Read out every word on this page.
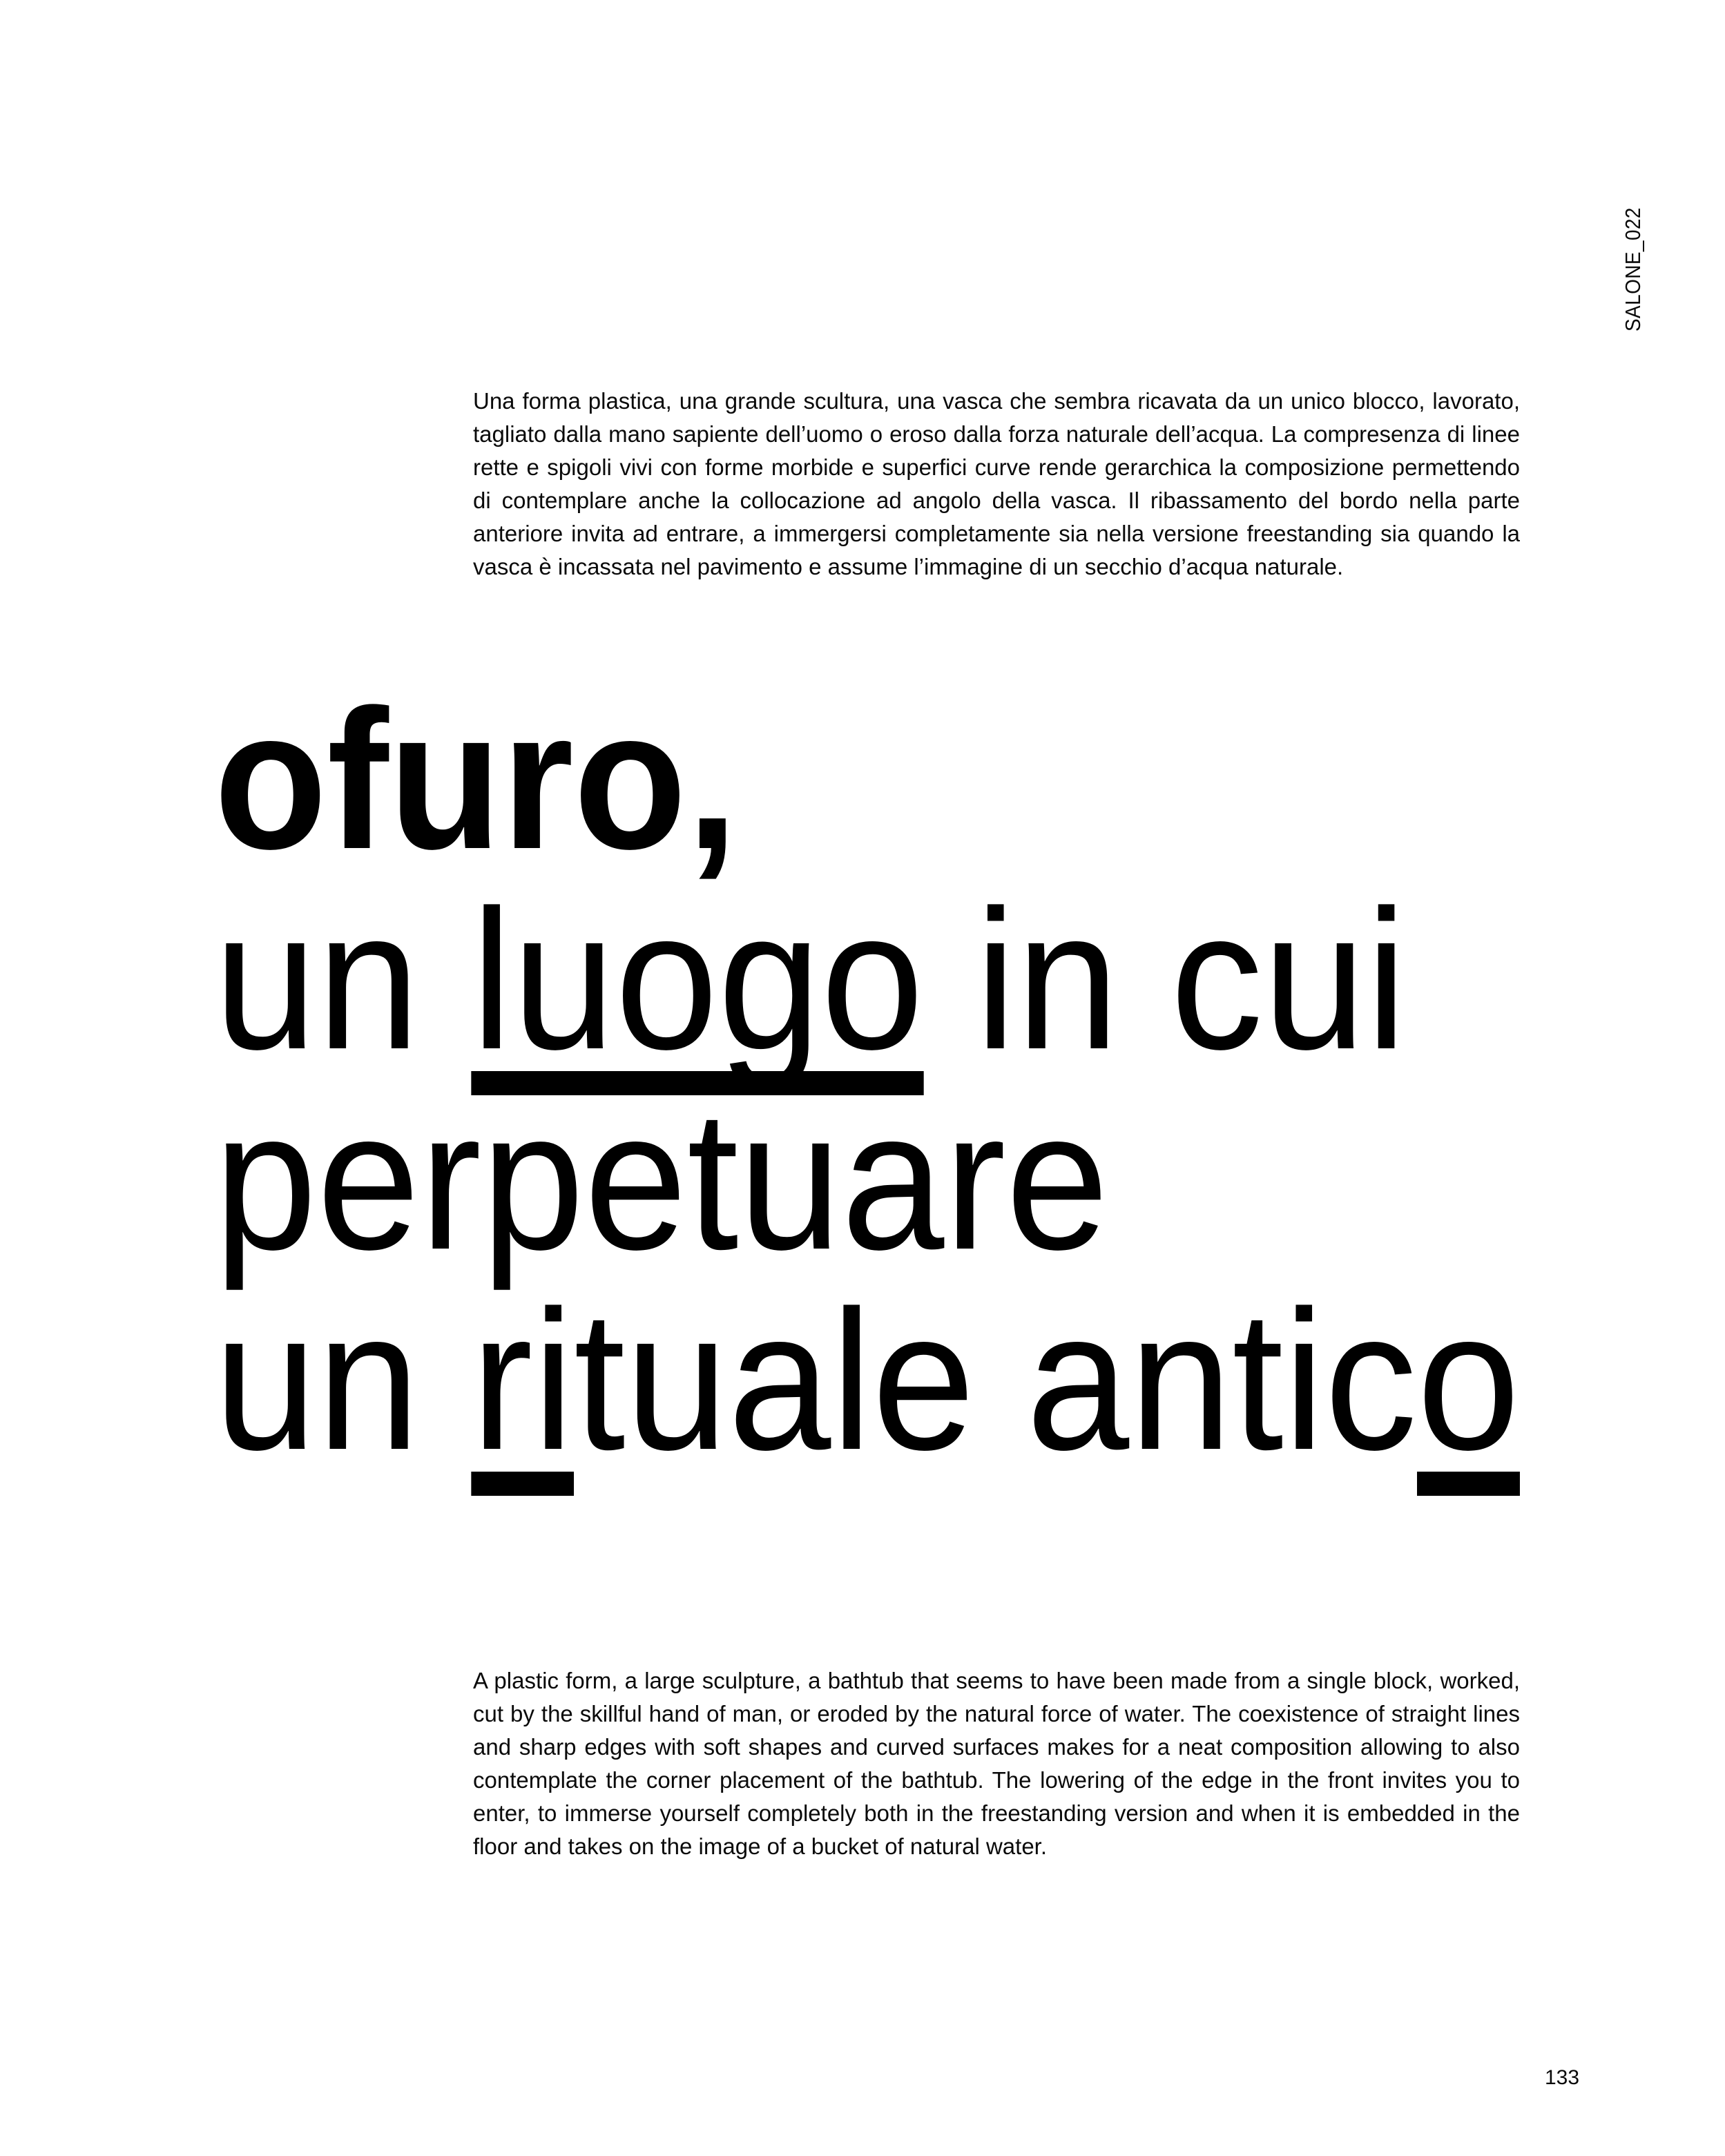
SALONE_022

Una forma plastica, una grande scultura, una vasca che sembra ricavata da un unico blocco, lavorato, tagliato dalla mano sapiente dell’uomo o eroso dalla forza naturale dell’acqua. La compresenza di linee rette e spigoli vivi con forme morbide e superfici curve rende gerarchica la composizione permettendo di contemplare anche la collocazione ad angolo della vasca. Il ribassamento del bordo nella parte anteriore invita ad entrare, a immergersi completamente sia nella versione freestanding sia quando la vasca è incassata nel pavimento e assume l’immagine di un secchio d’acqua naturale.

ofuro,
un luogo in cui
perpetuare
un rituale antico

A plastic form, a large sculpture, a bathtub that seems to have been made from a single block, worked, cut by the skillful hand of man, or eroded by the natural force of water. The coexistence of straight lines and sharp edges with soft shapes and curved surfaces makes for a neat composition allowing to also contemplate the corner placement of the bathtub. The lowering of the edge in the front invites you to enter, to immerse yourself completely both in the freestanding version and when it is embedded in the floor and takes on the image of a bucket of natural water.

133
